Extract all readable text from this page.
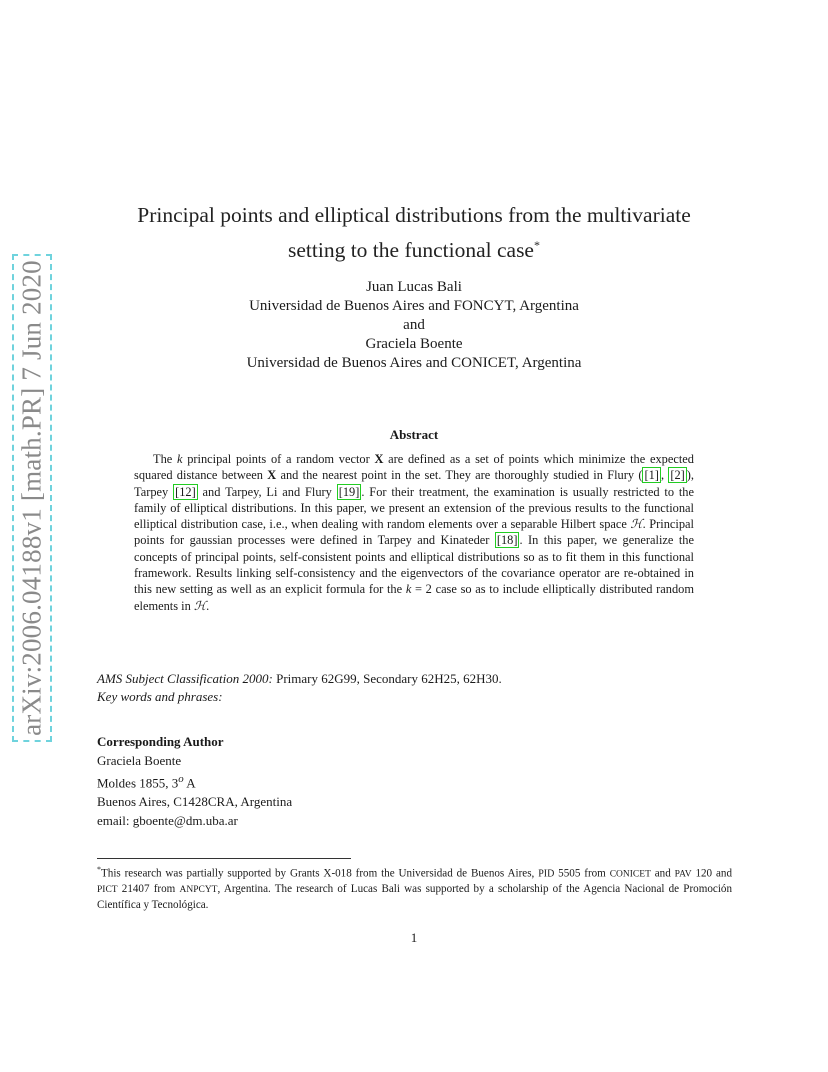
arXiv:2006.04188v1 [math.PR] 7 Jun 2020
Principal points and elliptical distributions from the multivariate
setting to the functional case*
Juan Lucas Bali
Universidad de Buenos Aires and FONCYT, Argentina
and
Graciela Boente
Universidad de Buenos Aires and CONICET, Argentina
Abstract
The k principal points of a random vector X are defined as a set of points which minimize the expected squared distance between X and the nearest point in the set. They are thoroughly studied in Flury ( [1] , [2] ), Tarpey [12] and Tarpey, Li and Flury [19] . For their treatment, the examination is usually restricted to the family of elliptical distributions. In this paper, we present an extension of the previous results to the functional elliptical distribution case, i.e., when dealing with random elements over a separable Hilbert space ℋ. Principal points for gaussian processes were defined in Tarpey and Kinateder [18] . In this paper, we generalize the concepts of principal points, self-consistent points and elliptical distributions so as to fit them in this functional framework. Results linking self-consistency and the eigenvectors of the covariance operator are re-obtained in this new setting as well as an explicit formula for the k = 2 case so as to include elliptically distributed random elements in ℋ.
AMS Subject Classification 2000: Primary 62G99, Secondary 62H25, 62H30.
Key words and phrases:
Corresponding Author
Graciela Boente
Moldes 1855, 3$^o$ A
Buenos Aires, C1428CRA, Argentina
email: gboente@dm.uba.ar
*This research was partially supported by Grants X-018 from the Universidad de Buenos Aires, PID 5505 from CONICET and PAV 120 and PICT 21407 from ANPCYT, Argentina. The research of Lucas Bali was supported by a scholarship of the Agencia Nacional de Promoción Científica y Tecnológica.
1
